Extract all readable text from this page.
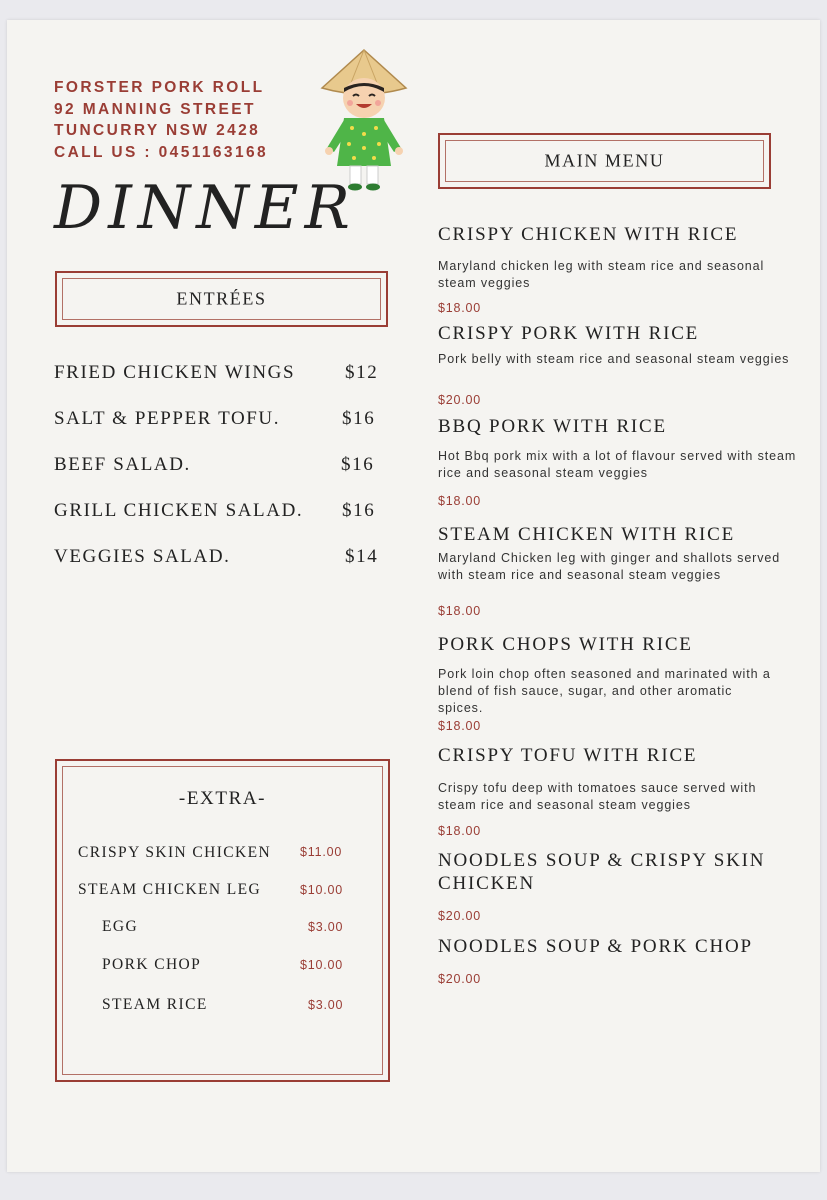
FORSTER PORK ROLL
92 MANNING STREET
TUNCURRY NSW 2428
CALL US : 0451163168
DINNER
ENTRÉES
FRIED CHICKEN WINGS	$12
SALT & PEPPER TOFU.	$16
BEEF SALAD.	$16
GRILL CHICKEN SALAD. $16
VEGGIES SALAD.	$14
-EXTRA-
CRISPY SKIN CHICKEN $11.00
STEAM CHICKEN LEG	$10.00
EGG	$3.00
PORK CHOP	$10.00
STEAM RICE	$3.00
MAIN MENU
CRISPY CHICKEN WITH RICE
Maryland chicken leg with steam rice and seasonal steam veggies
$18.00
CRISPY PORK WITH RICE
Pork belly with steam rice and seasonal steam veggies
$20.00
BBQ PORK WITH RICE
Hot Bbq pork mix with a lot of flavour served with steam rice and seasonal steam veggies
$18.00
STEAM CHICKEN WITH RICE
Maryland Chicken leg with ginger and shallots served with steam rice and seasonal steam veggies
$18.00
PORK CHOPS WITH RICE
Pork loin chop often seasoned and marinated with a blend of fish sauce, sugar, and other aromatic spices.
$18.00
CRISPY TOFU WITH RICE
Crispy tofu deep with tomatoes sauce served with steam rice and seasonal steam veggies
$18.00
NOODLES SOUP & CRISPY SKIN CHICKEN
$20.00
NOODLES SOUP & PORK CHOP
$20.00
